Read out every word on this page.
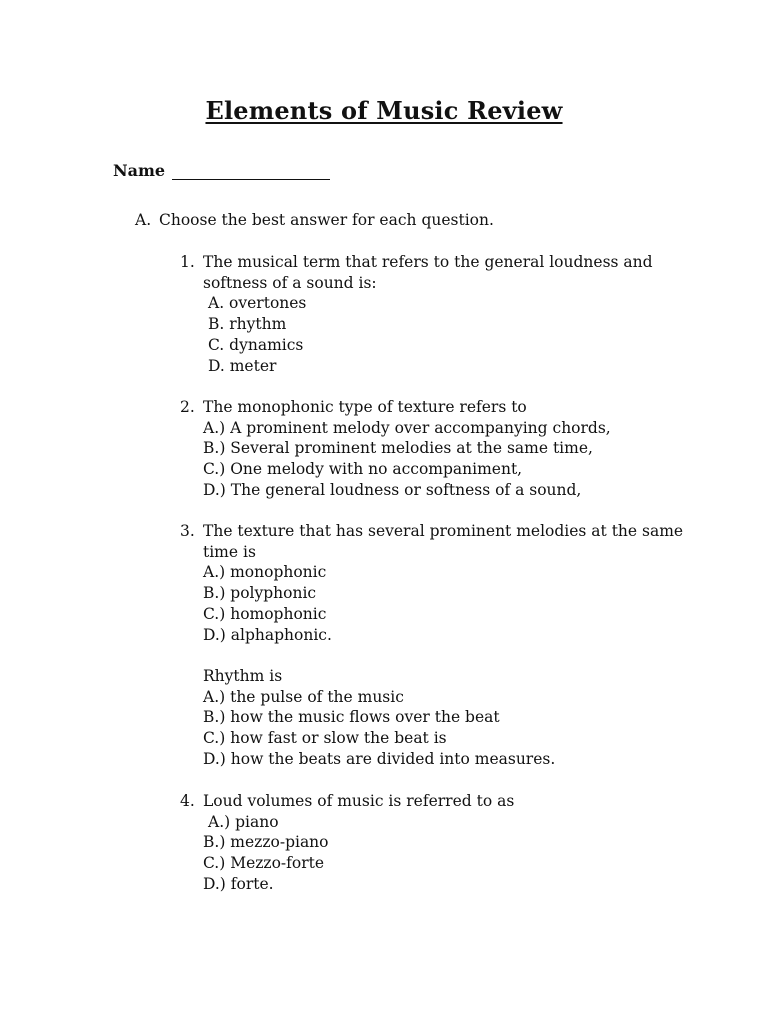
Elements of Music Review
Name
A. Choose the best answer for each question.
1. The musical term that refers to the general loudness and
softness of a sound is:
A. overtones
B. rhythm
C. dynamics
D. meter
2. The monophonic type of texture refers to
A.) A prominent melody over accompanying chords,
B.) Several prominent melodies at the same time,
C.) One melody with no accompaniment,
D.) The general loudness or softness of a sound,
3. The texture that has several prominent melodies at the same
time is
A.) monophonic
B.) polyphonic
C.) homophonic
D.) alphaphonic.
Rhythm is
A.) the pulse of the music
B.) how the music flows over the beat
C.) how fast or slow the beat is
D.) how the beats are divided into measures.
4. Loud volumes of music is referred to as
A.) piano
B.) mezzo-piano
C.) Mezzo-forte
D.) forte.
